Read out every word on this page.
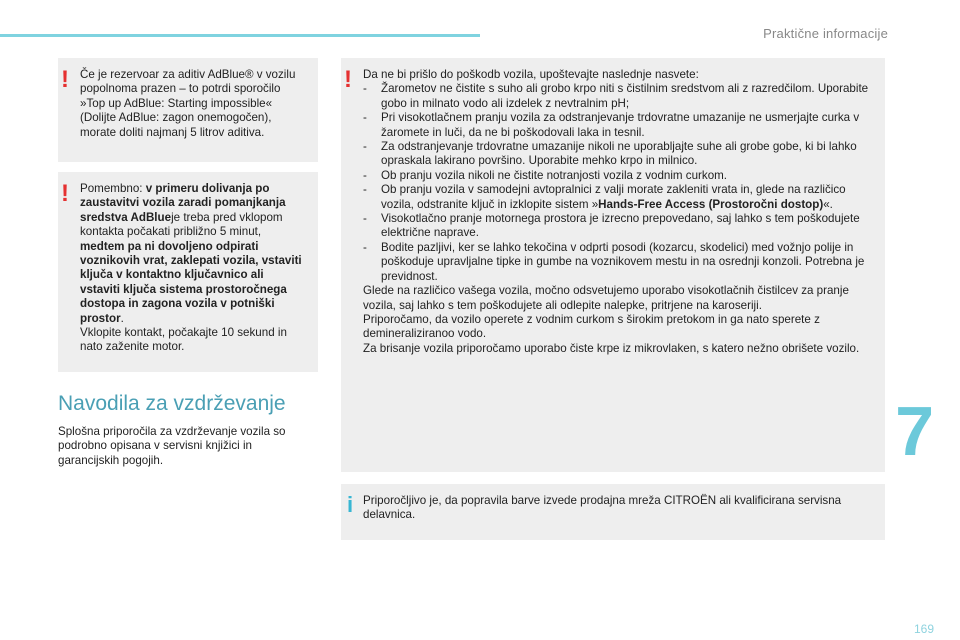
Praktične informacije
! Če je rezervoar za aditiv AdBlue® v vozilu popolnoma prazen – to potrdi sporočilo »Top up AdBlue: Starting impossible« (Dolijte AdBlue: zagon onemogočen), morate doliti najmanj 5 litrov aditiva.

! Pomembno: v primeru dolivanja po zaustavitvi vozila zaradi pomanjkanja sredstva AdBlueje treba pred vklopom kontakta počakati približno 5 minut, medtem pa ni dovoljeno odpirati voznikovih vrat, zaklepati vozila, vstaviti ključa v kontaktno ključavnico ali vstaviti ključa sistema prostoročnega dostopa in zagona vozila v potniški prostor.

Vklopite kontakt, počakajte 10 sekund in nato zaženite motor.

Navodila za vzdrževanje
Splošna priporočila za vzdrževanje vozila so podrobno opisana v servisni knjižici in garancijskih pogojih.
! Da ne bi prišlo do poškodb vozila, upoštevajte naslednje nasvete:

-	Žarometov ne čistite s suho ali grobo krpo niti s čistilnim sredstvom ali z razredčilom. Uporabite gobo in milnato vodo ali izdelek z nevtralnim pH;
-	Pri visokotlačnem pranju vozila za odstranjevanje trdovratne umazanije ne usmerjajte curka v žaromete in luči, da ne bi poškodovali laka in tesnil.
-	Za odstranjevanje trdovratne umazanije nikoli ne uporabljajte suhe ali grobe gobe, ki bi lahko opraskala lakirano površino. Uporabite mehko krpo in milnico.
-	Ob pranju vozila nikoli ne čistite notranjosti vozila z vodnim curkom.
-	Ob pranju vozila v samodejni avtopralnici z valji morate zakleniti vrata in, glede na različico vozila, odstranite ključ in izklopite sistem »Hands-Free Access (Prostoročni dostop)«.
-	Visokotlačno pranje motornega prostora je izrecno prepovedano, saj lahko s tem poškodujete električne naprave.
-	Bodite pazljivi, ker se lahko tekočina v odprti posodi (kozarcu, skodelici) med vožnjo polije in poškoduje upravljalne tipke in gumbe na voznikovem mestu in na osrednji konzoli. Potrebna je previdnost.

Glede na različico vašega vozila, močno odsvetujemo uporabo visokotlačnih čistilcev za pranje vozila, saj lahko s tem poškodujete ali odlepite nalepke, pritrjene na karoseriji.

Priporočamo, da vozilo operete z vodnim curkom s širokim pretokom in ga nato sperete z demineraliziranoo vodo.

Za brisanje vozila priporočamo uporabo čiste krpe iz mikrovlaken, s katero nežno obrišete vozilo.

i Priporočljivo je, da popravila barve izvede prodajna mreža CITROËN ali kvalificirana servisna delavnica.

7
169
